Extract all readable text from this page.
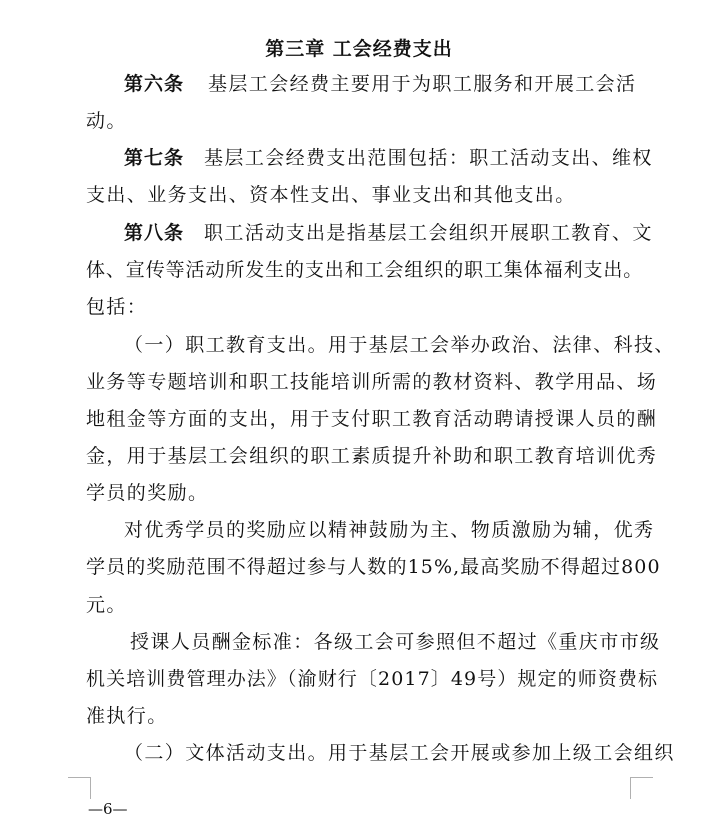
第三章 工会经费支出
第六条 基层工会经费主要用于为职工服务和开展工会活
动。
第七条 基层工会经费支出范围包括：职工活动支出、维权
支出、业务支出、资本性支出、事业支出和其他支出。
第八条 职工活动支出是指基层工会组织开展职工教育、文
体、宣传等活动所发生的支出和工会组织的职工集体福利支出。
包括：
（一）职工教育支出。用于基层工会举办政治、法律、科技、
业务等专题培训和职工技能培训所需的教材资料、教学用品、场
地租金等方面的支出，用于支付职工教育活动聘请授课人员的酬
金，用于基层工会组织的职工素质提升补助和职工教育培训优秀
学员的奖励。
对优秀学员的奖励应以精神鼓励为主、物质激励为辅，优秀
学员的奖励范围不得超过参与人数的15%,最高奖励不得超过800
元。
授课人员酬金标准：各级工会可参照但不超过《重庆市市级
机关培训费管理办法》（渝财行〔2017〕49号）规定的师资费标
准执行。
（二）文体活动支出。用于基层工会开展或参加上级工会组织
—6—
